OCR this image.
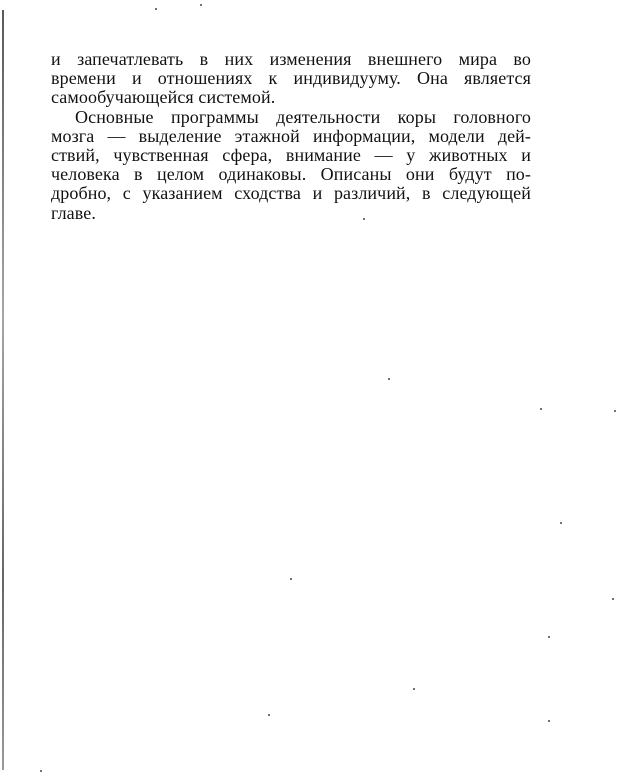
и запечатлевать в них изменения внешнего мира во
времени и отношениях к индивидууму. Она является
самообучающейся системой.
Основные программы деятельности коры головного
мозга — выделение этажной информации, модели дей-
ствий, чувственная сфера, внимание — у животных и
человека в целом одинаковы. Описаны они будут по-
дробно, с указанием сходства и различий, в следующей
главе.
